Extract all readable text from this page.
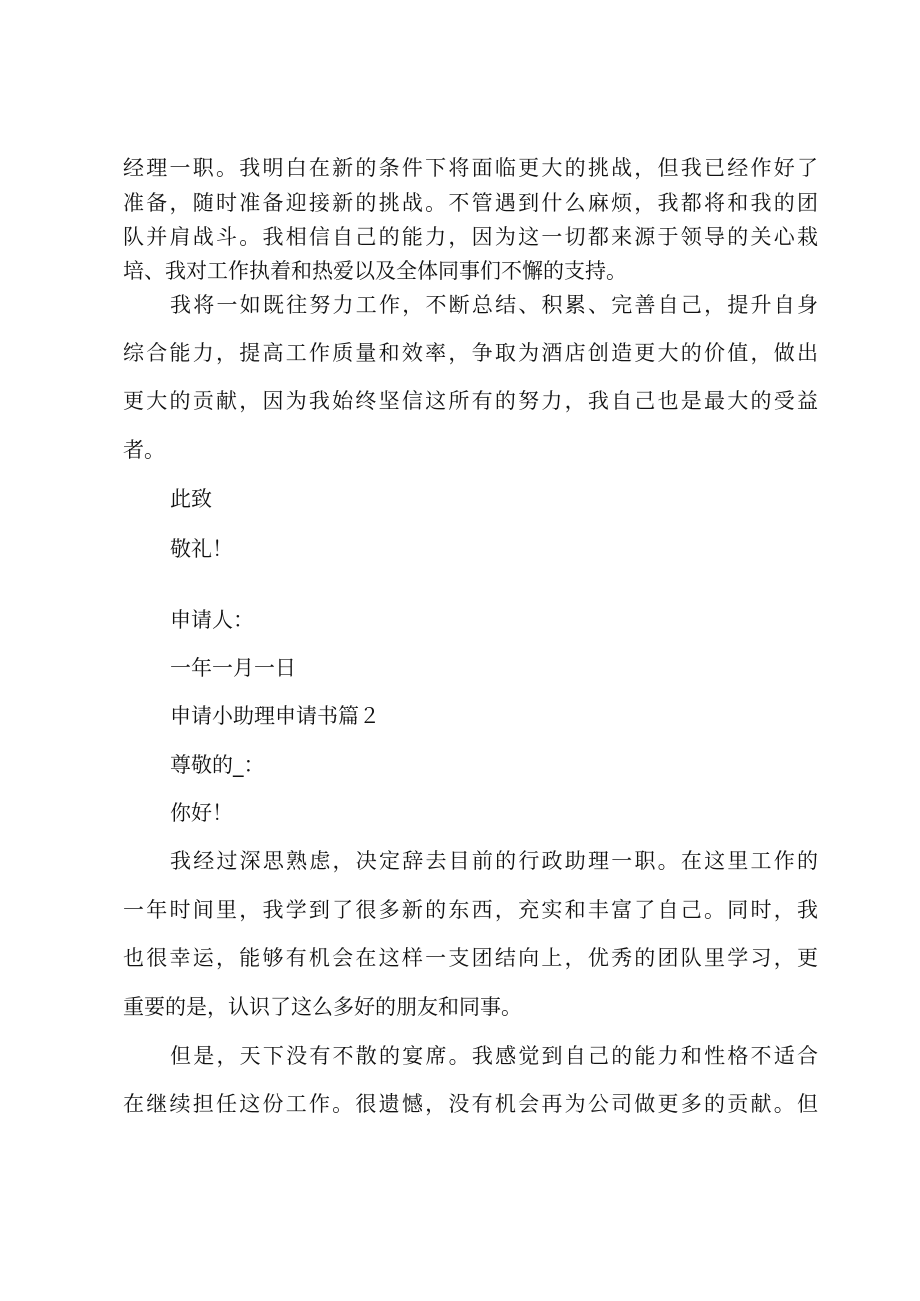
经理一职。我明白在新的条件下将面临更大的挑战，但我已经作好了
准备，随时准备迎接新的挑战。不管遇到什么麻烦，我都将和我的团
队并肩战斗。我相信自己的能力，因为这一切都来源于领导的关心栽
培、我对工作执着和热爱以及全体同事们不懈的支持。
我将一如既往努力工作，不断总结、积累、完善自己，提升自身
综合能力，提高工作质量和效率，争取为酒店创造更大的价值，做出
更大的贡献，因为我始终坚信这所有的努力，我自己也是最大的受益
者。
此致
敬礼！
申请人：
一年一月一日
申请小助理申请书篇２
尊敬的_：
你好！
我经过深思熟虑，决定辞去目前的行政助理一职。在这里工作的
一年时间里，我学到了很多新的东西，充实和丰富了自己。同时，我
也很幸运，能够有机会在这样一支团结向上，优秀的团队里学习，更
重要的是，认识了这么多好的朋友和同事。
但是，天下没有不散的宴席。我感觉到自己的能力和性格不适合
在继续担任这份工作。很遗憾，没有机会再为公司做更多的贡献。但
